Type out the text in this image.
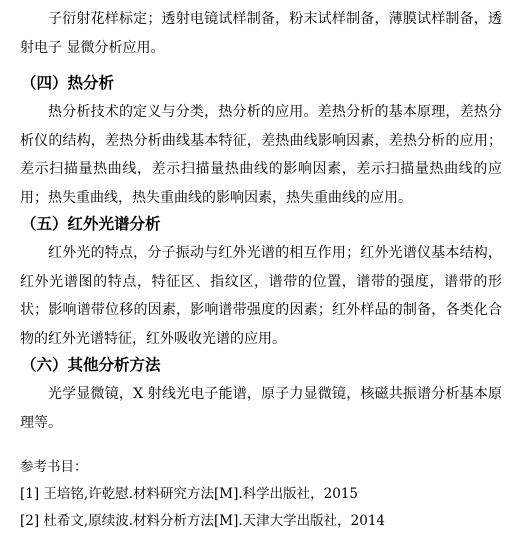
子衍射花样标定；透射电镜试样制备，粉末试样制备，薄膜试样制备，透射电子 显微分析应用。

（四）热分析

热分析技术的定义与分类，热分析的应用。差热分析的基本原理，差热分析仪的结构，差热分析曲线基本特征，差热曲线影响因素，差热分析的应用；差示扫描量热曲线，差示扫描量热曲线的影响因素，差示扫描量热曲线的应用；热失重曲线，热失重曲线的影响因素，热失重曲线的应用。

（五）红外光谱分析

红外光的特点，分子振动与红外光谱的相互作用；红外光谱仪基本结构，红外光谱图的特点，特征区、指纹区，谱带的位置，谱带的强度，谱带的形状；影响谱带位移的因素，影响谱带强度的因素；红外样品的制备，各类化合物的红外光谱特征，红外吸收光谱的应用。

（六）其他分析方法

光学显微镜，X 射线光电子能谱，原子力显微镜，核磁共振谱分析基本原理等。

参考书目：
[1] 王培铭,许乾慰.材料研究方法[M].科学出版社，2015
[2] 杜希文,原续波.材料分析方法[M].天津大学出版社，2014
